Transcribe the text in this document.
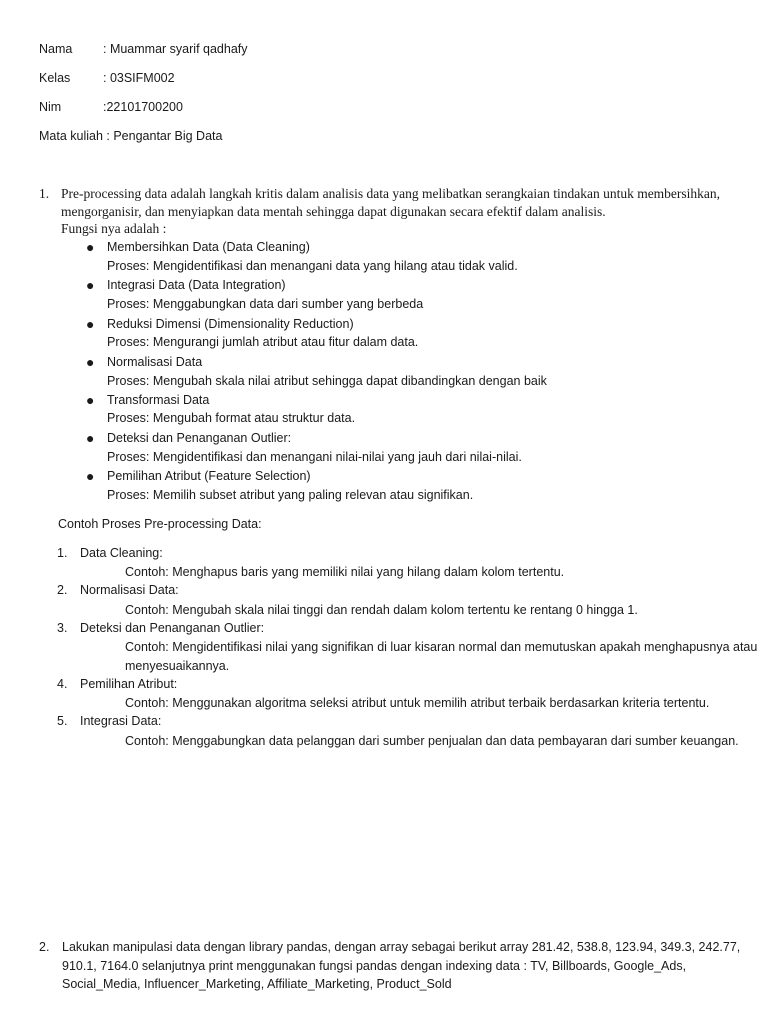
Nama : Muammar syarif qadhafy
Kelas	: 03SIFM002
Nim	:22101700200
Mata kuliah : Pengantar Big Data
1. Pre-processing data adalah langkah kritis dalam analisis data yang melibatkan serangkaian tindakan untuk membersihkan,
mengorganisir, dan menyiapkan data mentah sehingga dapat digunakan secara efektif dalam analisis.
Fungsi nya adalah :
● Membersihkan Data (Data Cleaning)
Proses: Mengidentifikasi dan menangani data yang hilang atau tidak valid.
● Integrasi Data (Data Integration)
Proses: Menggabungkan data dari sumber yang berbeda
● Reduksi Dimensi (Dimensionality Reduction)
Proses: Mengurangi jumlah atribut atau fitur dalam data.
● Normalisasi Data
Proses: Mengubah skala nilai atribut sehingga dapat dibandingkan dengan baik
● Transformasi Data
Proses: Mengubah format atau struktur data.
● Deteksi dan Penanganan Outlier:
Proses: Mengidentifikasi dan menangani nilai-nilai yang jauh dari nilai-nilai.
● Pemilihan Atribut (Feature Selection)
Proses: Memilih subset atribut yang paling relevan atau signifikan.
Contoh Proses Pre-processing Data:
1. Data Cleaning:
Contoh: Menghapus baris yang memiliki nilai yang hilang dalam kolom tertentu.
2. Normalisasi Data:
Contoh: Mengubah skala nilai tinggi dan rendah dalam kolom tertentu ke rentang 0 hingga 1.
3. Deteksi dan Penanganan Outlier:
Contoh: Mengidentifikasi nilai yang signifikan di luar kisaran normal dan memutuskan apakah menghapusnya atau
menyesuaikannya.
4. Pemilihan Atribut:
Contoh: Menggunakan algoritma seleksi atribut untuk memilih atribut terbaik berdasarkan kriteria tertentu.
5. Integrasi Data:
Contoh: Menggabungkan data pelanggan dari sumber penjualan dan data pembayaran dari sumber keuangan.
2. Lakukan manipulasi data dengan library pandas, dengan array sebagai berikut array 281.42, 538.8, 123.94, 349.3, 242.77,
910.1, 7164.0 selanjutnya print menggunakan fungsi pandas dengan indexing data : TV, Billboards, Google_Ads,
Social_Media, Influencer_Marketing, Affiliate_Marketing, Product_Sold
